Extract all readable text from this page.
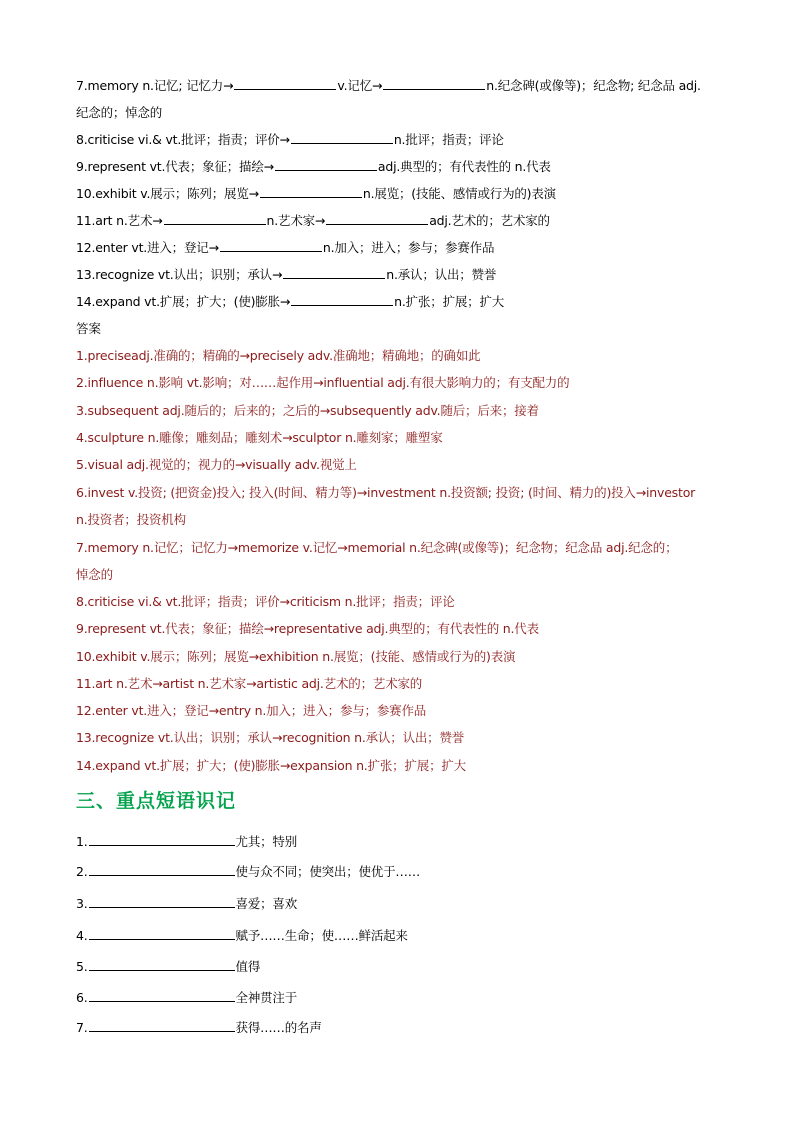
7.memory n.记忆; 记忆力→	v.记忆→	n.纪念碑(或像等)；纪念物; 纪念品 adj.
纪念的；悼念的
8.criticise vi.& vt.批评；指责；评价→	n.批评；指责；评论
9.represent vt.代表；象征；描绘→	adj.典型的；有代表性的 n.代表
10.exhibit v.展示；陈列；展览→	n.展览；(技能、感情或行为的)表演
11.art n.艺术→	n.艺术家→	adj.艺术的；艺术家的
12.enter vt.进入；登记→	n.加入；进入；参与；参赛作品
13.recognize vt.认出；识别；承认→	n.承认；认出；赞誉
14.expand vt.扩展；扩大；(使)膨胀→	n.扩张；扩展；扩大
答案
1.preciseadj.准确的；精确的→precisely adv.准确地；精确地；的确如此
2.influence n.影响 vt.影响；对……起作用→influential adj.有很大影响力的；有支配力的
3.subsequent adj.随后的；后来的；之后的→subsequently adv.随后；后来；接着
4.sculpture n.雕像；雕刻品；雕刻术→sculptor n.雕刻家；雕塑家
5.visual adj.视觉的；视力的→visually adv.视觉上
6.invest v.投资; (把资金)投入; 投入(时间、精力等)→investment n.投资额; 投资; (时间、精力的)投入→investor
n.投资者；投资机构
7.memory n.记忆；记忆力→memorize v.记忆→memorial n.纪念碑(或像等)；纪念物；纪念品 adj.纪念的；
悼念的
8.criticise vi.& vt.批评；指责；评价→criticism n.批评；指责；评论
9.represent vt.代表；象征；描绘→representative adj.典型的；有代表性的 n.代表
10.exhibit v.展示；陈列；展览→exhibition n.展览；(技能、感情或行为的)表演
11.art n.艺术→artist n.艺术家→artistic adj.艺术的；艺术家的
12.enter vt.进入；登记→entry n.加入；进入；参与；参赛作品
13.recognize vt.认出；识别；承认→recognition n.承认；认出；赞誉
14.expand vt.扩展；扩大；(使)膨胀→expansion n.扩张；扩展；扩大
三、重点短语识记
1.	尤其；特别
2.	使与众不同；使突出；使优于……
3.	喜爱；喜欢
4.	赋予……生命；使……鲜活起来
5.	值得
6.	全神贯注于
7.	获得……的名声
